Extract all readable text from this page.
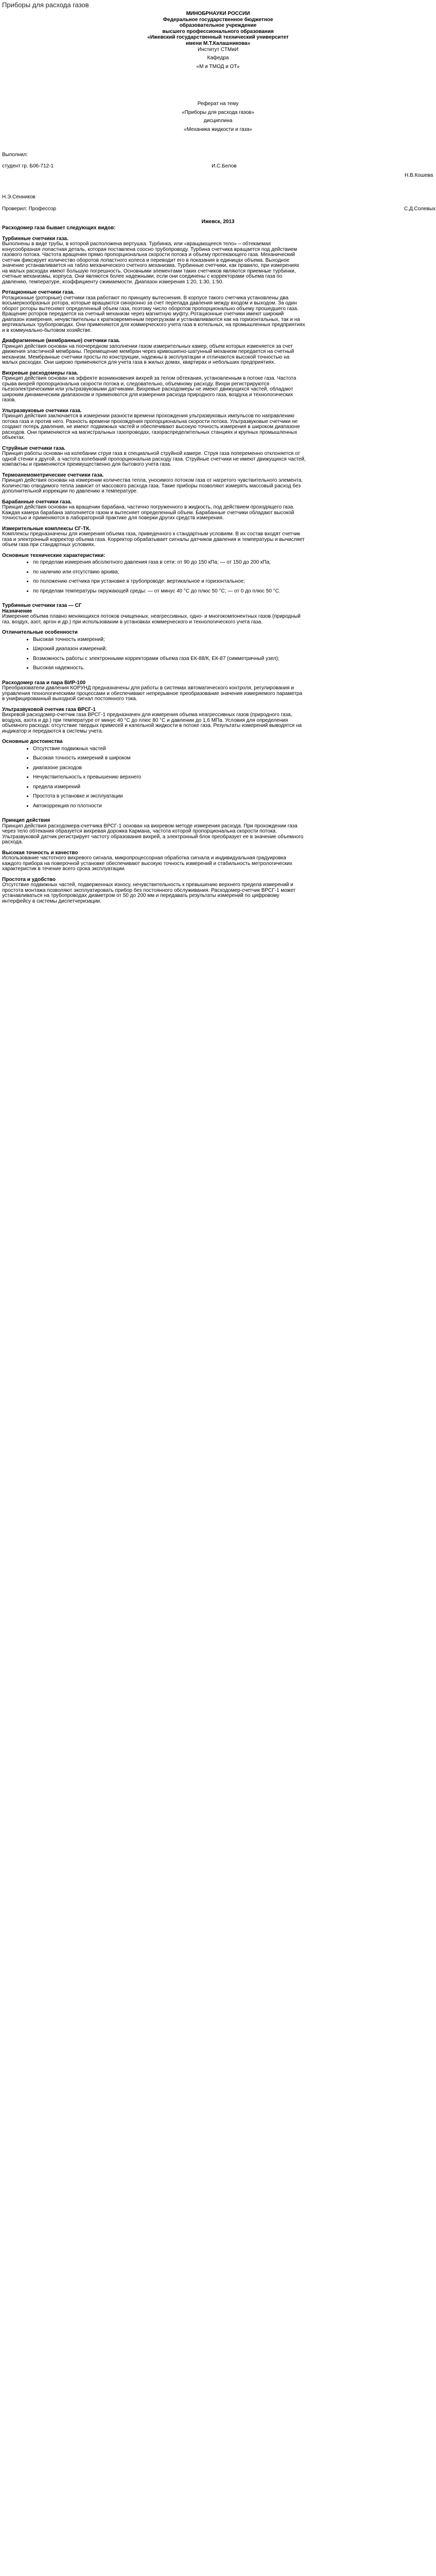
Приборы для расхода газов
МИНОБРНАУКИ РОССИИ
Федеральное государственное бюджетное
образовательное учреждение
высшего профессионального образования
«Ижевский государственный технический университет
имени М.Т.Калашникова»
Институт СТМиИ
Кафедра
«М и ТМОД и ОТ»
Реферат на тему
«Приборы для расхода газов»
дисциплина
«Механика жидкости и газа»
Выполнил:
студент гр. Б06-712-1	И.С.Белов
Н.В.Кошева
Н.Э.Сенников
Проверил: Профессор	С.Д.Солевых
Ижевск, 2013

Расходомер газа бывает следующих видов:

Турбинные счетчики газа.

Выполнены в виде трубы, в которой расположена вертушка. Турбинка, или «вращающееся тело» – обтекаемая конусообразная лопастная деталь, которая поставлена соосно трубопроводу. Турбина счетчика вращается под действием газового потока. Частота вращения прямо пропорциональна скорости потока и объему протекающего газа. Механический счетчик фиксирует количество оборотов лопастного колеса и переводит его в показания в единицах объема. Выходное значение устанавливается на табло механического счетного механизма. Турбинные счетчики, как правило, при измерениях на малых расходах имеют большую погрешность. Основными элементами таких счетчиков являются приемные турбинки, счетные механизмы, корпуса. Они являются более надежными, если они соединены с корректорами объема газа по давлению, температуре, коэффициенту сжимаемости. Диапазон измерения 1:20, 1:30, 1:50.

Ротационные счетчики газа.

Ротационные (роторные) счетчики газа работают по принципу вытеснения. В корпусе такого счетчика установлены два восьмеркообразных ротора, которые вращаются синхронно за счет перепада давления между входом и выходом. За один оборот роторы вытесняют определенный объем газа, поэтому число оборотов пропорционально объему прошедшего газа. Вращение роторов передается на счетный механизм через магнитную муфту. Ротационные счетчики имеют широкий диапазон измерения, нечувствительны к кратковременным перегрузкам и устанавливаются как на горизонтальных, так и на вертикальных трубопроводах. Они применяются для коммерческого учета газа в котельных, на промышленных предприятиях и в коммунально-бытовом хозяйстве.

Диафрагменные (мембранные) счетчики газа.

Принцип действия основан на поочередном заполнении газом измерительных камер, объем которых изменяется за счет движения эластичной мембраны. Перемещение мембран через кривошипно-шатунный механизм передается на счетный механизм. Мембранные счетчики просты по конструкции, надежны в эксплуатации и отличаются высокой точностью на малых расходах. Они широко применяются для учета газа в жилых домах, квартирах и небольших предприятиях.

Вихревые расходомеры газа.

Принцип действия основан на эффекте возникновения вихрей за телом обтекания, установленным в потоке газа. Частота срыва вихрей пропорциональна скорости потока и, следовательно, объемному расходу. Вихри регистрируются пьезоэлектрическими или ультразвуковыми датчиками. Вихревые расходомеры не имеют движущихся частей, обладают широким динамическим диапазоном и применяются для измерения расхода природного газа, воздуха и технологических газов.

Ультразвуковые счетчики газа.

Принцип действия заключается в измерении разности времени прохождения ультразвуковых импульсов по направлению потока газа и против него. Разность времени прохождения пропорциональна скорости потока. Ультразвуковые счетчики не создают потерь давления, не имеют подвижных частей и обеспечивают высокую точность измерения в широком диапазоне расходов. Они применяются на магистральных газопроводах, газораспределительных станциях и крупных промышленных объектах.

Струйные счетчики газа.

Принцип работы основан на колебании струи газа в специальной струйной камере. Струя газа попеременно отклоняется от одной стенки к другой, а частота колебаний пропорциональна расходу газа. Струйные счетчики не имеют движущихся частей, компактны и применяются преимущественно для бытового учета газа.

Термоанемометрические счетчики газа.

Принцип действия основан на измерении количества тепла, уносимого потоком газа от нагретого чувствительного элемента. Количество отводимого тепла зависит от массового расхода газа. Такие приборы позволяют измерять массовый расход без дополнительной коррекции по давлению и температуре.

Барабанные счетчики газа.

Принцип действия основан на вращении барабана, частично погруженного в жидкость, под действием проходящего газа. Каждая камера барабана заполняется газом и вытесняет определенный объем. Барабанные счетчики обладают высокой точностью и применяются в лабораторной практике для поверки других средств измерения.

Измерительные комплексы СГ-ТК.

Комплексы предназначены для измерения объема газа, приведенного к стандартным условиям. В их состав входят счетчик газа и электронный корректор объема газа. Корректор обрабатывает сигналы датчиков давления и температуры и вычисляет объем газа при стандартных условиях.

Основные технические характеристики:

• по пределам измерения абсолютного давления газа в сети: от 90 до 150 кПа; — от 150 до 200 кПа;
• по наличию или отсутствию архива;
• по положению счетчика при установке в трубопроводе: вертикальное и горизонтальное;
• по пределам температуры окружающей среды: — от минус 40 °С до плюс 50 °С; — от 0 до плюс 50 °С.

Турбинные счетчики газа — СГ

Назначение

Измерение объема плавно меняющихся потоков очищенных, неагрессивных, одно- и многокомпонентных газов (природный газ, воздух, азот, аргон и др.) при использовании в установках коммерческого и технологического учета газа.

Отличительные особенности

• Высокая точность измерений;
• Широкий диапазон измерений;
• Возможность работы с электронными корректорами объема газа ЕК-88/К, ЕК-87 (симметричный узел);
• Высокая надежность.

Расходомер газа и пара ВИР-100

Преобразователи давления КОРУНД предназначены для работы в системах автоматического контроля, регулирования и управления технологическими процессами и обеспечивают непрерывное преобразование значения измеряемого параметра в унифицированный выходной сигнал постоянного тока.

Ультразвуковой счетчик газа ВРСГ-1

Вихревой расходомер-счетчик газа ВРСГ-1 предназначен для измерения объема неагрессивных газов (природного газа, воздуха, азота и др.) при температуре от минус 40 °С до плюс 80 °С и давлении до 1,6 МПа. Условия для определения объемного расхода: отсутствие твердых примесей и капельной жидкости в потоке газа. Результаты измерений выводятся на индикатор и передаются в системы учета.

Основные достоинства

• Отсутствие подвижных частей
• Высокая точность измерений в широком
• диапазоне расходов
• Нечувствительность к превышению верхнего
• предела измерений
• Простота в установке и эксплуатации
• Автокоррекция по плотности

Принцип действия

Принцип действия расходомера-счетчика ВРСГ-1 основан на вихревом методе измерения расхода. При прохождении газа через тело обтекания образуется вихревая дорожка Кармана, частота которой пропорциональна скорости потока. Ультразвуковой датчик регистрирует частоту образования вихрей, а электронный блок преобразует ее в значение объемного расхода.

Высокая точность и качество

Использование частотного вихревого сигнала, микропроцессорная обработка сигнала и индивидуальная градуировка каждого прибора на поверочной установке обеспечивают высокую точность измерений и стабильность метрологических характеристик в течение всего срока эксплуатации.

Простота и удобство

Отсутствие подвижных частей, подверженных износу, нечувствительность к превышению верхнего предела измерений и простота монтажа позволяют эксплуатировать прибор без постоянного обслуживания. Расходомер-счетчик ВРСГ-1 может устанавливаться на трубопроводах диаметром от 50 до 200 мм и передавать результаты измерений по цифровому интерфейсу в системы диспетчеризации.
